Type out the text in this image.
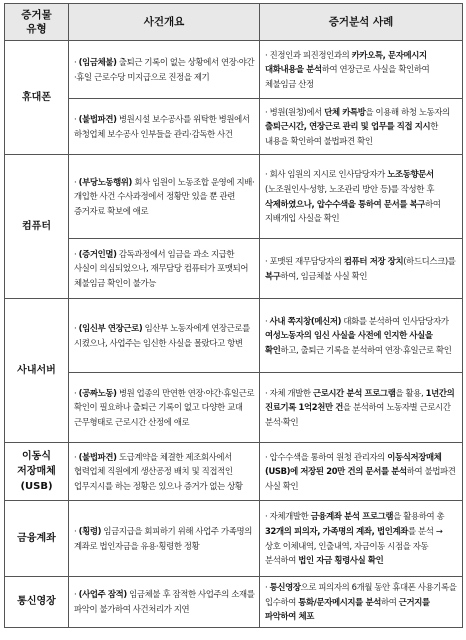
증거물
유형	사건개요	증거분석 사례
휴대폰	· (임금체불) 출퇴근 기록이 없는 상황에서 연장·야간·휴일 근로수당 미지급으로 진정을 제기	· 진정인과 피진정인과의 카카오톡, 문자메시지 대화내용을 분석하여 연장근로 사실을 확인하여 체불임금 산정

	· (불법파견) 병원시설 보수공사를 위탁한 병원에서 하청업체 보수공사 인부들을 관리·감독한 사건	· 병원(원청)에서 단체 카톡방을 이용해 하청 노동자의 출퇴근시간, 연장근로 관리 및 업무를 직접 지시한 내용을 확인하여 불법파견 확인

컴퓨터	· (부당노동행위) 회사 임원이 노동조합 운영에 지배·개입한 사건 수사과정에서 정황만 있을 뿐 관련 증거자료 확보에 애로	· 회사 임원의 지시로 인사담당자가 노조동향문서(노조원인사·성향, 노조관리 방안 등)를 작성한 후 삭제하였으나, 압수수색을 통하여 문서를 복구하여 지배개입 사실을 확인

	· (증거인멸) 감독과정에서 임금을 과소 지급한 사실이 의심되었으나, 재무담당 컴퓨터가 포맷되어 체불임금 확인이 불가능	· 포맷된 재무담당자의 컴퓨터 저장 장치(하드디스크)를 복구하여, 임금체불 사실 확인

사내서버	· (임신부 연장근로) 임산부 노동자에게 연장근로를 시켰으나, 사업주는 임신한 사실을 몰랐다고 항변	· 사내 쪽지창(메신저) 대화를 분석하여 인사담당자가 여성노동자의 임신 사실을 사전에 인지한 사실을 확인하고, 출퇴근 기록을 분석하여 연장·휴일근로 확인

	· (공짜노동) 병원 업종의 만연한 연장·야간·휴일근로 확인이 필요하나 출퇴근 기록이 없고 다양한 교대 근무형태로 근로시간 산정에 애로	· 자체 개발한 근로시간 분석 프로그램을 활용, 1년간의 진료기록 1억2천만 건을 분석하여 노동자별 근로시간 분석·확인

이동식
저장매체
(USB)	· (불법파견) 도급계약을 체결한 제조회사에서 협력업체 직원에게 생산공정 배치 및 직접적인 업무지시를 하는 정황은 있으나 증거가 없는 상황	· 압수수색을 통하여 원청 관리자의 이동식저장매체(USB)에 저장된 20만 건의 문서를 분석하여 불법파견 사실 확인

금융계좌	· (횡령) 임금지급을 회피하기 위해 사업주 가족명의 계좌로 법인자금을 유용·횡령한 정황	· 자체개발한 금융계좌 분석 프로그램을 활용하여 총 32개의 피의자, 가족명의 계좌, 법인계좌를 분석 → 상호 이체내역, 인출내역, 자금이동 시점을 자동 분석하여 법인 자금 횡령사실 확인

통신영장	· (사업주 잠적) 임금체불 후 잠적한 사업주의 소재를 파악이 불가하여 사건처리가 지연	· 통신영장으로 피의자의 6개월 동안 휴대폰 사용기록을 입수하여 통화/문자메시지를 분석하여 근거지를 파악하여 체포
